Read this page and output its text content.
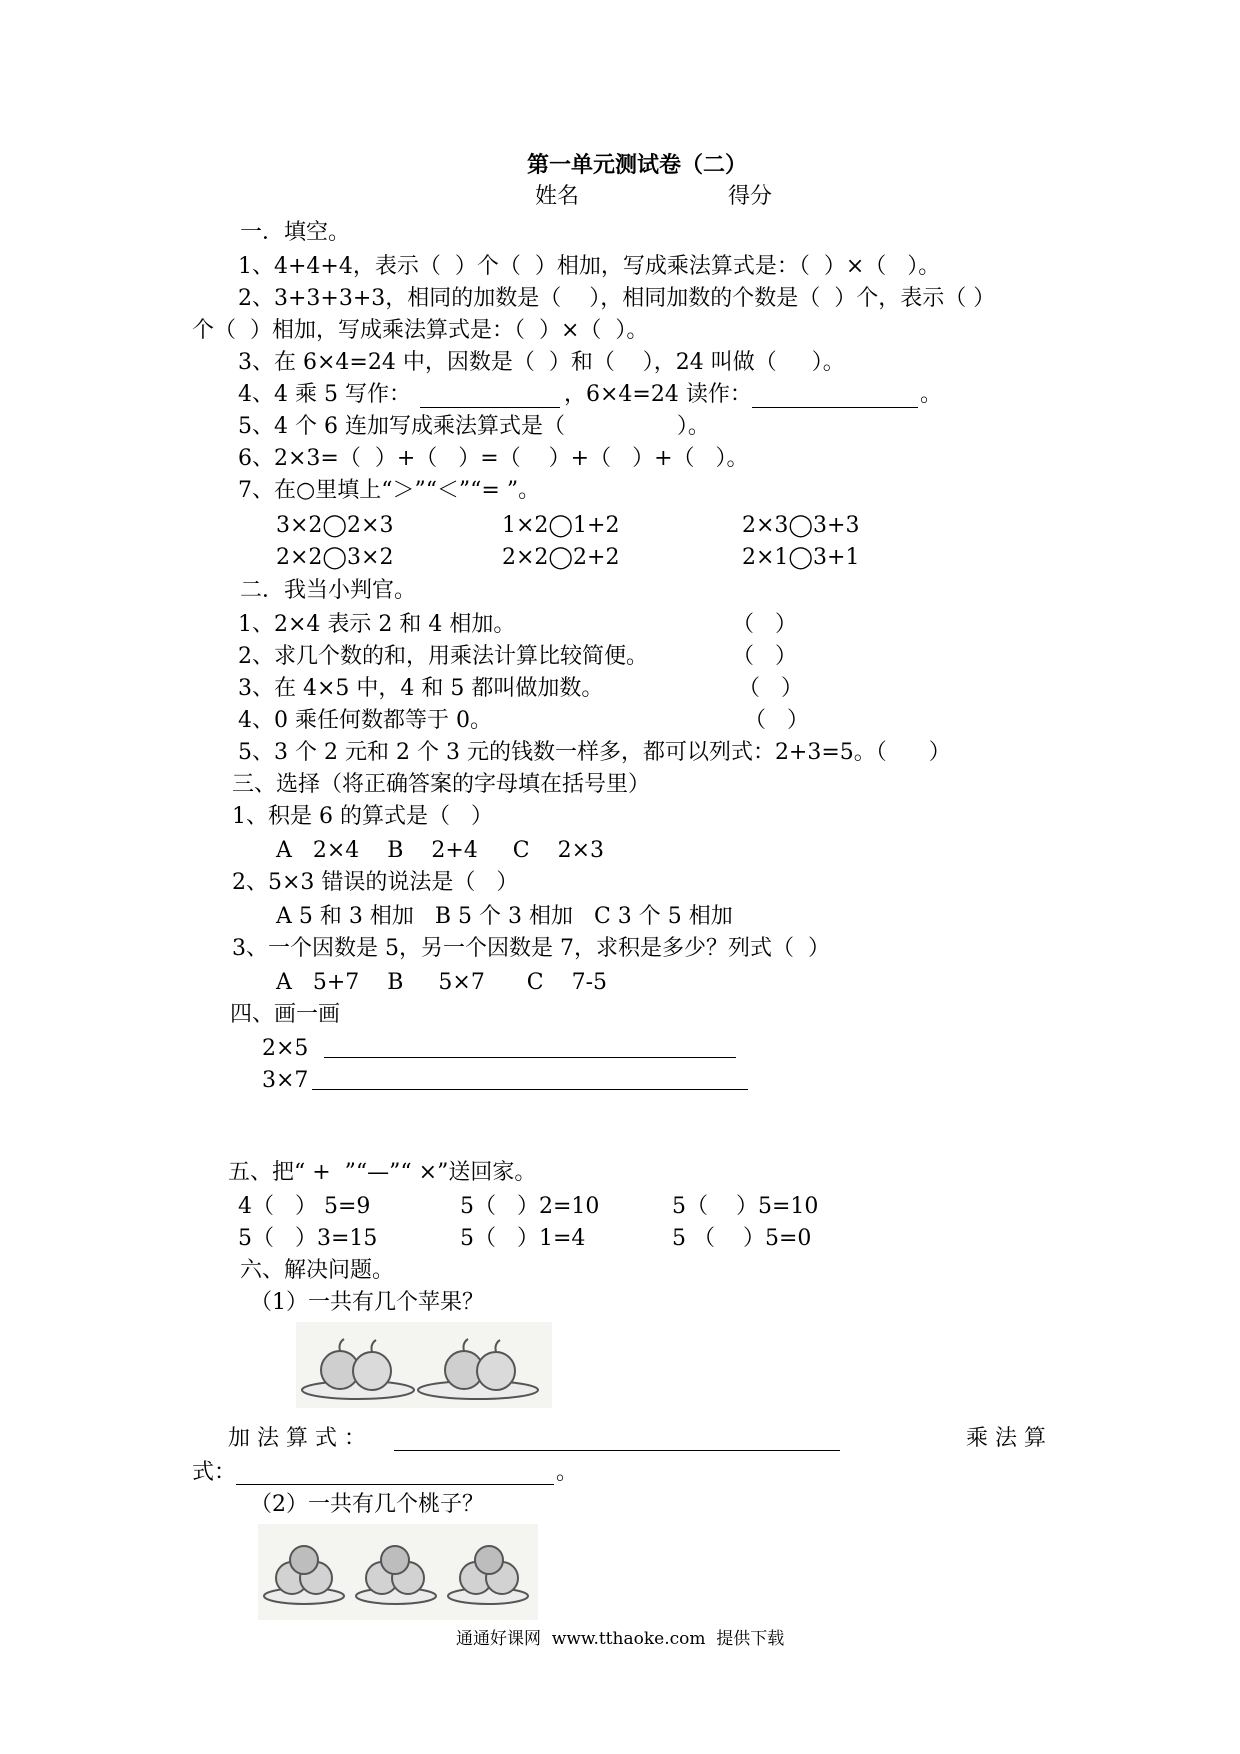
第一单元测试卷（二）
姓名	得分
一．填空。
1、4+4+4，表示（  ）个（  ）相加，写成乘法算式是：（  ）×（   ）。
2、3+3+3+3，相同的加数是（    ），相同加数的个数是（  ）个，表示（ ）
个（  ）相加，写成乘法算式是：（  ）×（  ）。
3、在 6×4=24 中，因数是（  ）和（    ），24 叫做（     ）。
4、4 乘 5 写作：	，6×4=24 读作：	。
5、4 个 6 连加写成乘法算式是（                ）。
6、2×3=（  ）+（   ）=（    ）+（   ）+（   ）。
7、在○里填上“＞”“＜”“= ”。
3×2◯2×3	1×2◯1+2	2×3◯3+3
2×2◯3×2	2×2◯2+2	2×1◯3+1
二．我当小判官。
1、2×4 表示 2 和 4 相加。	（   ）
2、求几个数的和，用乘法计算比较简便。	（   ）
3、在 4×5 中，4 和 5 都叫做加数。	（   ）
4、0 乘任何数都等于 0。	（   ）
5、3 个 2 元和 2 个 3 元的钱数一样多，都可以列式：2+3=5。（      ）
三、选择（将正确答案的字母填在括号里）
1、积是 6 的算式是（   ）
A   2×4    B    2+4     C    2×3
2、5×3 错误的说法是（   ）
A 5 和 3 相加   B 5 个 3 相加   C 3 个 5 相加
3、一个因数是 5，另一个因数是 7，求积是多少？列式（  ）
A   5+7    B     5×7      C    7-5
四、画一画
2×5
3×7
五、把“ +  ”“—”“ ×”送回家。
4（   ） 5=9	5（   ）2=10	5（    ）5=10
5（   ）3=15	5（   ）1=4	5 （    ）5=0
六、解决问题。
（1）一共有几个苹果？
加 法 算 式 ：	乘 法 算
式：	。
（2）一共有几个桃子？
通通好课网  www.tthaoke.com  提供下载
